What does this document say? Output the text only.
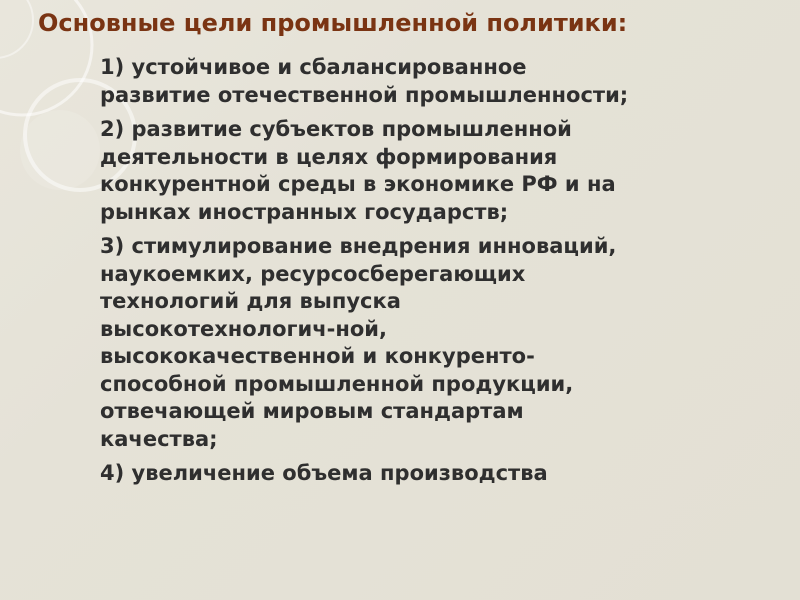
Основные цели промышленной политики:
1) устойчивое и сбалансированное
развитие отечественной промышленности;
2) развитие субъектов промышленной
деятельности в целях формирования
конкурентной среды в экономике РФ и на
рынках иностранных государств;
3) стимулирование внедрения инноваций,
наукоемких, ресурсосберегающих
технологий для выпуска
высокотехнологич-ной,
высококачественной и конкуренто-
способной промышленной продукции,
отвечающей мировым стандартам
качества;
4) увеличение объема производства
